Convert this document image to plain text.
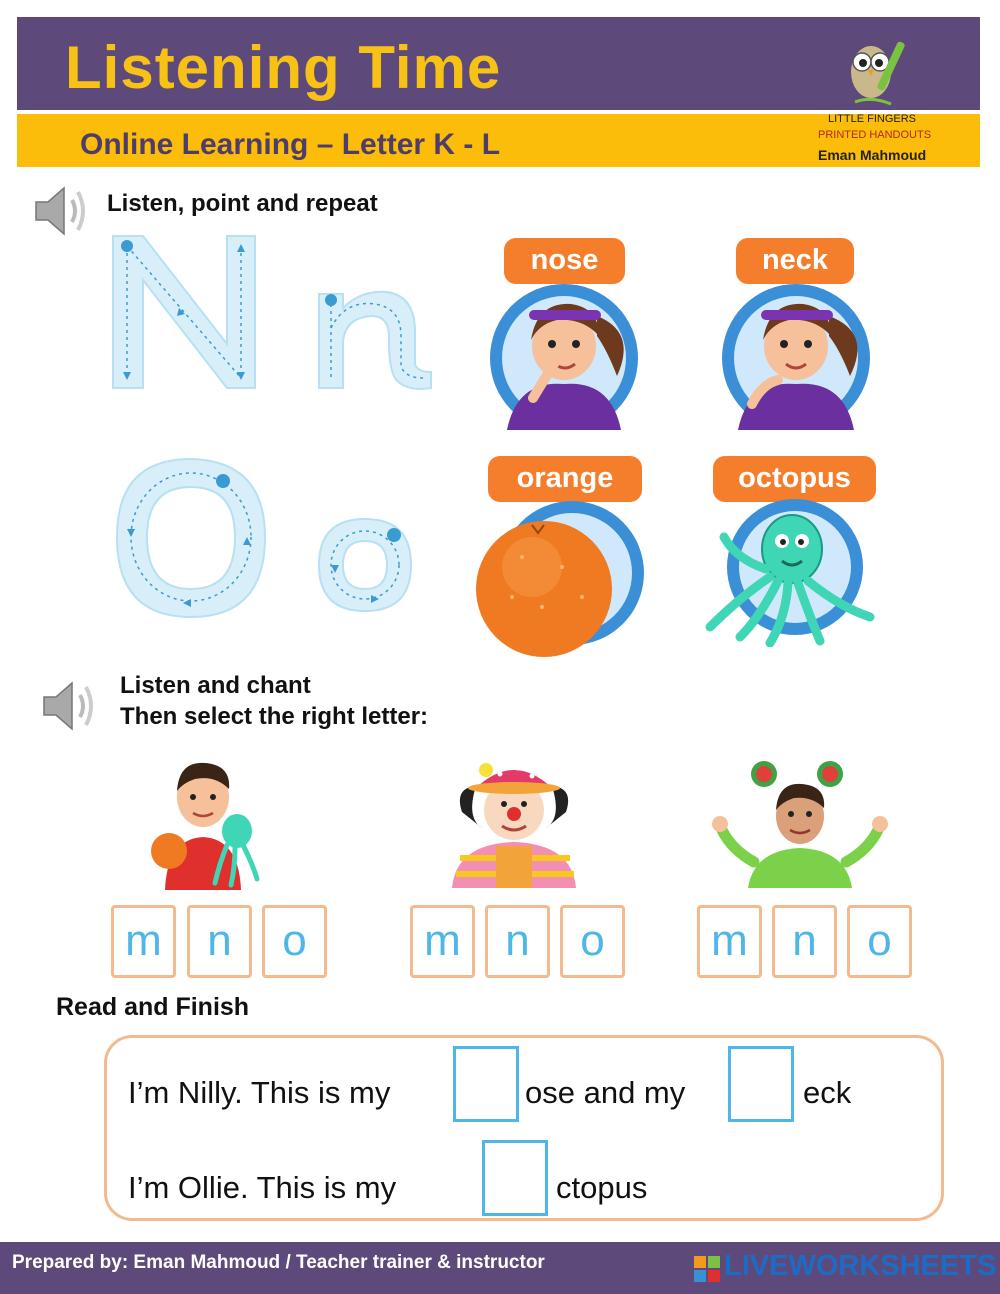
Listening Time
Online Learning – Letter K - L
LITTLE FINGERS
PRINTED HANDOUTS
Eman Mahmoud
Listen, point and repeat
nose	neck
orange	octopus
Listen and chant
Then select the right letter:
m	n	o	m	n	o	m	n	o
Read and Finish
I’m Nilly. This is my	ose and my	eck
I’m Ollie. This is my	ctopus
Prepared by: Eman Mahmoud / Teacher trainer & instructor	LIVEWORKSHEETS
